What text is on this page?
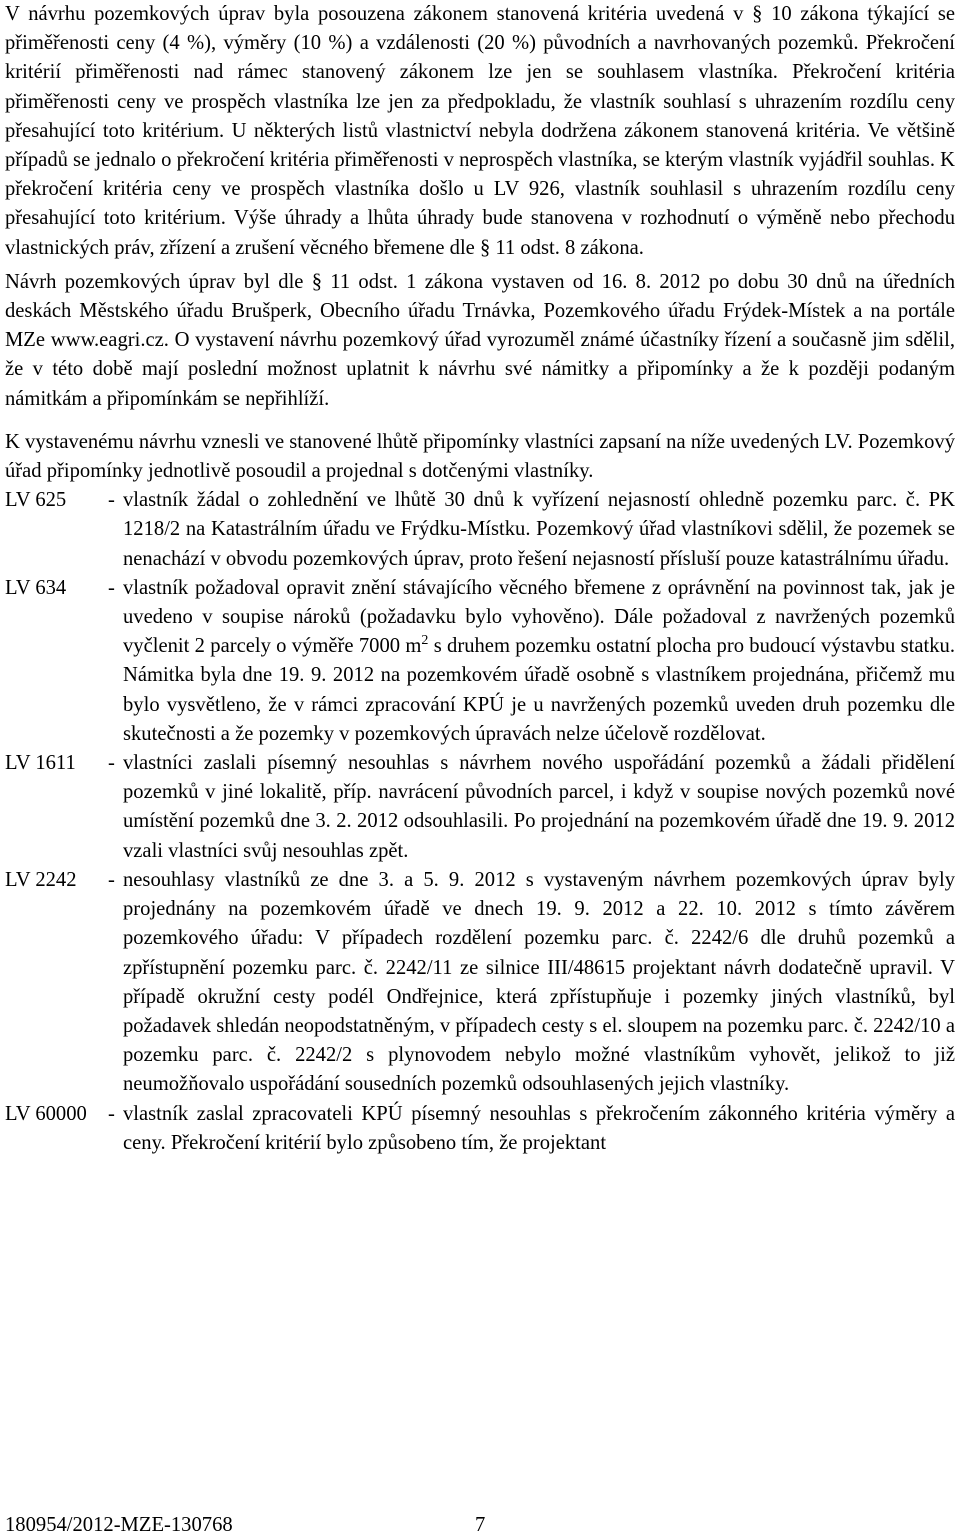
V návrhu pozemkových úprav byla posouzena zákonem stanovená kritéria uvedená v § 10 zákona týkající se přiměřenosti ceny (4 %), výměry (10 %) a vzdálenosti (20 %) původních a navrhovaných pozemků. Překročení kritérií přiměřenosti nad rámec stanovený zákonem lze jen se souhlasem vlastníka. Překročení kritéria přiměřenosti ceny ve prospěch vlastníka lze jen za předpokladu, že vlastník souhlasí s uhrazením rozdílu ceny přesahující toto kritérium. U některých listů vlastnictví nebyla dodržena zákonem stanovená kritéria. Ve většině případů se jednalo o překročení kritéria přiměřenosti v neprospěch vlastníka, se kterým vlastník vyjádřil souhlas. K překročení kritéria ceny ve prospěch vlastníka došlo u LV 926, vlastník souhlasil s uhrazením rozdílu ceny přesahující toto kritérium. Výše úhrady a lhůta úhrady bude stanovena v rozhodnutí o výměně nebo přechodu vlastnických práv, zřízení a zrušení věcného břemene dle § 11 odst. 8 zákona.

Návrh pozemkových úprav byl dle § 11 odst. 1 zákona vystaven od 16. 8. 2012 po dobu 30 dnů na úředních deskách Městského úřadu Brušperk, Obecního úřadu Trnávka, Pozemkového úřadu Frýdek-Místek a na portále MZe www.eagri.cz. O vystavení návrhu pozemkový úřad vyrozuměl známé účastníky řízení a současně jim sdělil, že v této době mají poslední možnost uplatnit k návrhu své námitky a připomínky a že k později podaným námitkám a připomínkám se nepřihlíží.

K vystavenému návrhu vznesli ve stanovené lhůtě připomínky vlastníci zapsaní na níže uvedených LV. Pozemkový úřad připomínky jednotlivě posoudil a projednal s dotčenými vlastníky.

LV 625	- vlastník žádal o zohlednění ve lhůtě 30 dnů k vyřízení nejasností ohledně pozemku parc. č. PK 1218/2 na Katastrálním úřadu ve Frýdku-Místku. Pozemkový úřad vlastníkovi sdělil, že pozemek se nenachází v obvodu pozemkových úprav, proto řešení nejasností přísluší pouze katastrálnímu úřadu.
LV 634	- vlastník požadoval opravit znění stávajícího věcného břemene z oprávnění na povinnost tak, jak je uvedeno v soupise nároků (požadavku bylo vyhověno). Dále požadoval z navržených pozemků vyčlenit 2 parcely o výměře 7000 $m^2$ s druhem pozemku ostatní plocha pro budoucí výstavbu statku. Námitka byla dne 19. 9. 2012 na pozemkovém úřadě osobně s vlastníkem projednána, přičemž mu bylo vysvětleno, že v rámci zpracování KPÚ je u navržených pozemků uveden druh pozemku dle skutečnosti a že pozemky v pozemkových úpravách nelze účelově rozdělovat.
LV 1611	- vlastníci zaslali písemný nesouhlas s návrhem nového uspořádání pozemků a žádali přidělení pozemků v jiné lokalitě, příp. navrácení původních parcel, i když v soupise nových pozemků nové umístění pozemků dne 3. 2. 2012 odsouhlasili. Po projednání na pozemkovém úřadě dne 19. 9. 2012 vzali vlastníci svůj nesouhlas zpět.
LV 2242	- nesouhlasy vlastníků ze dne 3. a 5. 9. 2012 s vystaveným návrhem pozemkových úprav byly projednány na pozemkovém úřadě ve dnech 19. 9. 2012 a 22. 10. 2012 s tímto závěrem pozemkového úřadu: V případech rozdělení pozemku parc. č. 2242/6 dle druhů pozemků a zpřístupnění pozemku parc. č. 2242/11 ze silnice III/48615 projektant návrh dodatečně upravil. V případě okružní cesty podél Ondřejnice, která zpřístupňuje i pozemky jiných vlastníků, byl požadavek shledán neopodstatněným, v případech cesty s el. sloupem na pozemku parc. č. 2242/10 a pozemku parc. č. 2242/2 s plynovodem nebylo možné vlastníkům vyhovět, jelikož to již neumožňovalo uspořádání sousedních pozemků odsouhlasených jejich vlastníky.
LV 60000	- vlastník zaslal zpracovateli KPÚ písemný nesouhlas s překročením zákonného kritéria výměry a ceny. Překročení kritérií bylo způsobeno tím, že projektant
180954/2012-MZE-130768	7
